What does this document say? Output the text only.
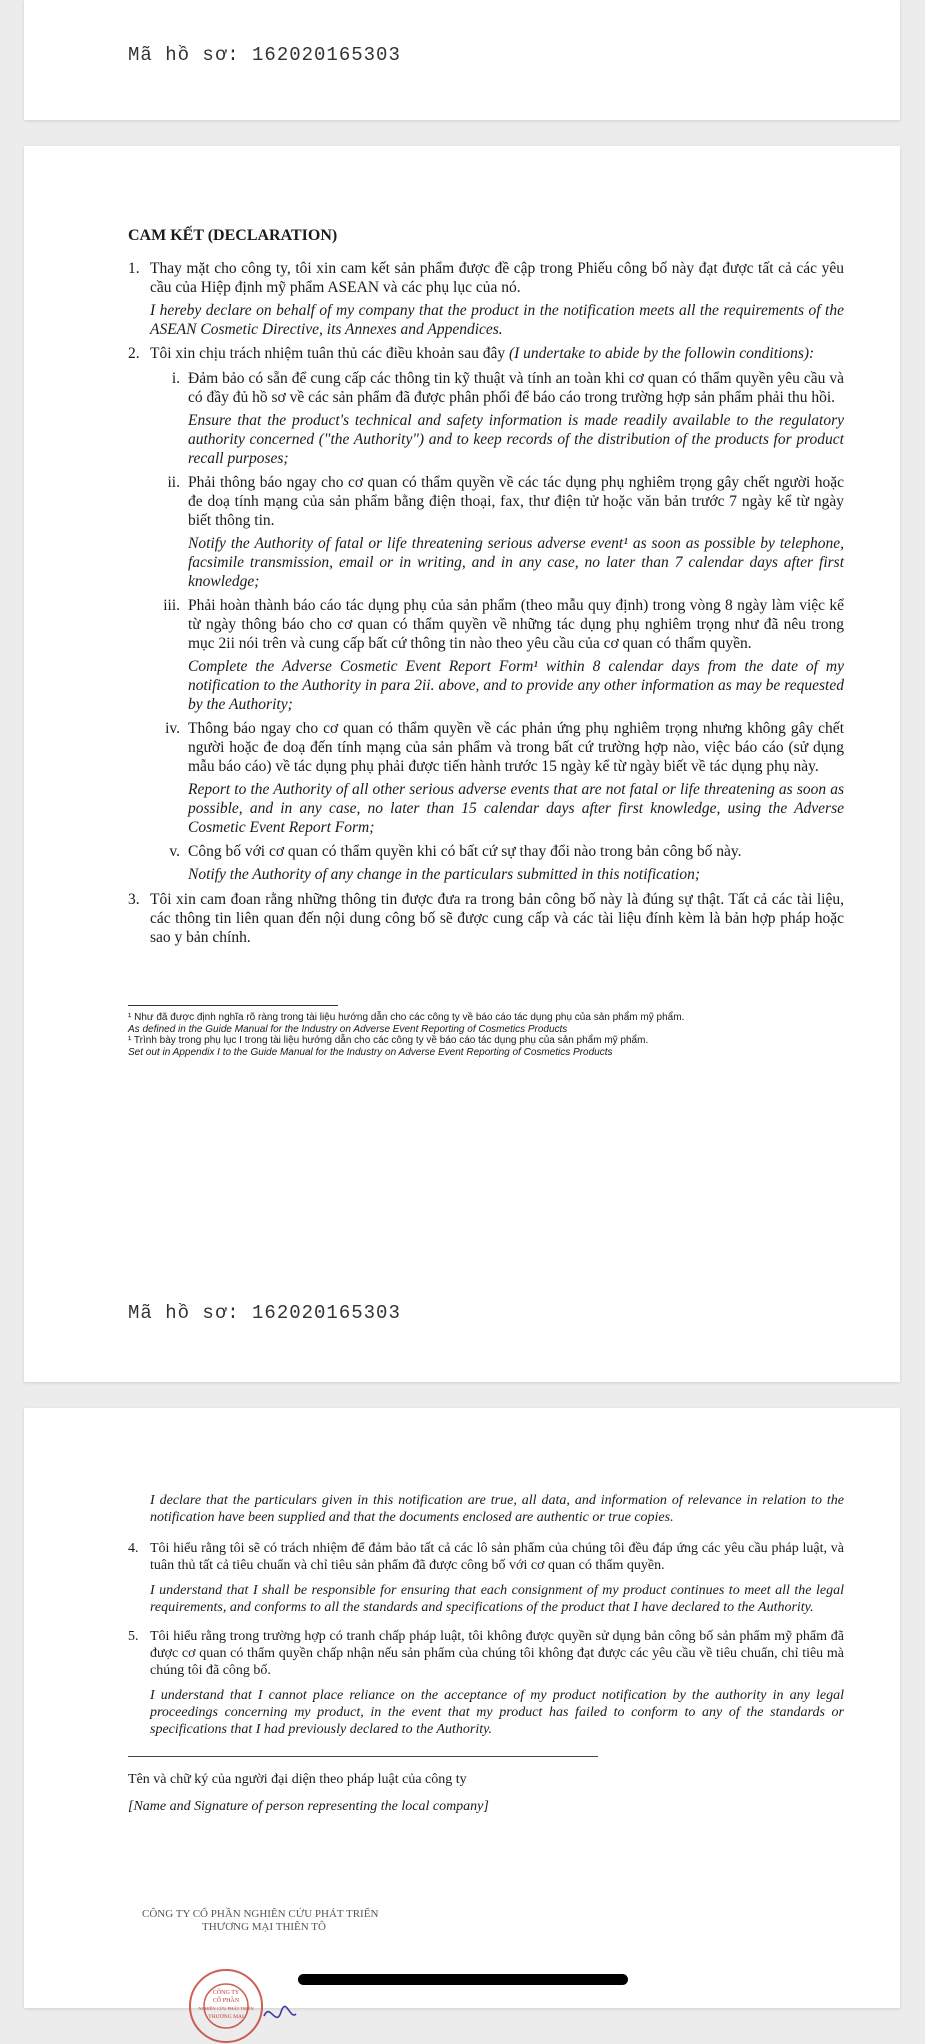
Mã hồ sơ: 162020165303

CAM KẾT (DECLARATION)

1. Thay mặt cho công ty, tôi xin cam kết sản phẩm được đề cập trong Phiếu công bố này đạt được tất cả các yêu cầu của Hiệp định mỹ phẩm ASEAN và các phụ lục của nó.

I hereby declare on behalf of my company that the product in the notification meets all the requirements of the ASEAN Cosmetic Directive, its Annexes and Appendices.

2. Tôi xin chịu trách nhiệm tuân thủ các điều khoản sau đây (I undertake to abide by the followin conditions):

i. Đảm bảo có sẵn để cung cấp các thông tin kỹ thuật và tính an toàn khi cơ quan có thẩm quyền yêu cầu và có đầy đủ hồ sơ về các sản phẩm đã được phân phối để báo cáo trong trường hợp sản phẩm phải thu hồi.

Ensure that the product's technical and safety information is made readily available to the regulatory authority concerned ("the Authority") and to keep records of the distribution of the products for product recall purposes;

ii. Phải thông báo ngay cho cơ quan có thẩm quyền về các tác dụng phụ nghiêm trọng gây chết người hoặc đe doạ tính mạng của sản phẩm bằng điện thoại, fax, thư điện tử hoặc văn bản trước 7 ngày kể từ ngày biết thông tin.

Notify the Authority of fatal or life threatening serious adverse event¹ as soon as possible by telephone, facsimile transmission, email or in writing, and in any case, no later than 7 calendar days after first knowledge;

iii. Phải hoàn thành báo cáo tác dụng phụ của sản phẩm (theo mẫu quy định) trong vòng 8 ngày làm việc kể từ ngày thông báo cho cơ quan có thẩm quyền về những tác dụng phụ nghiêm trọng như đã nêu trong mục 2ii nói trên và cung cấp bất cứ thông tin nào theo yêu cầu của cơ quan có thẩm quyền.

Complete the Adverse Cosmetic Event Report Form¹ within 8 calendar days from the date of my notification to the Authority in para 2ii. above, and to provide any other information as may be requested by the Authority;

iv. Thông báo ngay cho cơ quan có thẩm quyền về các phản ứng phụ nghiêm trọng nhưng không gây chết người hoặc đe doạ đến tính mạng của sản phẩm và trong bất cứ trường hợp nào, việc báo cáo (sử dụng mẫu báo cáo) về tác dụng phụ phải được tiến hành trước 15 ngày kể từ ngày biết về tác dụng phụ này.

Report to the Authority of all other serious adverse events that are not fatal or life threatening as soon as possible, and in any case, no later than 15 calendar days after first knowledge, using the Adverse Cosmetic Event Report Form;

v. Công bố với cơ quan có thẩm quyền khi có bất cứ sự thay đổi nào trong bản công bố này.

Notify the Authority of any change in the particulars submitted in this notification;

3. Tôi xin cam đoan rằng những thông tin được đưa ra trong bản công bố này là đúng sự thật. Tất cả các tài liệu, các thông tin liên quan đến nội dung công bố sẽ được cung cấp và các tài liệu đính kèm là bản hợp pháp hoặc sao y bản chính.

¹ Như đã được định nghĩa rõ ràng trong tài liệu hướng dẫn cho các công ty về báo cáo tác dụng phụ của sản phẩm mỹ phẩm.

As defined in the Guide Manual for the Industry on Adverse Event Reporting of Cosmetics Products

¹ Trình bày trong phụ lục I trong tài liệu hướng dẫn cho các công ty về báo cáo tác dụng phụ của sản phẩm mỹ phẩm.

Set out in Appendix I to the Guide Manual for the Industry on Adverse Event Reporting of Cosmetics Products

Mã hồ sơ: 162020165303

I declare that the particulars given in this notification are true, all data, and information of relevance in relation to the notification have been supplied and that the documents enclosed are authentic or true copies.

4. Tôi hiểu rằng tôi sẽ có trách nhiệm để đảm bảo tất cả các lô sản phẩm của chúng tôi đều đáp ứng các yêu cầu pháp luật, và tuân thủ tất cả tiêu chuẩn và chỉ tiêu sản phẩm đã được công bố với cơ quan có thẩm quyền.

I understand that I shall be responsible for ensuring that each consignment of my product continues to meet all the legal requirements, and conforms to all the standards and specifications of the product that I have declared to the Authority.

5. Tôi hiểu rằng trong trường hợp có tranh chấp pháp luật, tôi không được quyền sử dụng bản công bố sản phẩm mỹ phẩm đã được cơ quan có thẩm quyền chấp nhận nếu sản phẩm của chúng tôi không đạt được các yêu cầu về tiêu chuẩn, chỉ tiêu mà chúng tôi đã công bố.

I understand that I cannot place reliance on the acceptance of my product notification by the authority in any legal proceedings concerning my product, in the event that my product has failed to conform to any of the standards or specifications that I had previously declared to the Authority.

Tên và chữ ký của người đại diện theo pháp luật của công ty

[Name and Signature of person representing the local company]

CÔNG TY CỔ PHẦN NGHIÊN CỨU PHÁT TRIỂN

THƯƠNG MẠI THIÊN TÔ

CÔNG TY
CỔ PHẦN
NGHIÊN CỨU PHÁT TRIỂN
THƯƠNG MẠI
